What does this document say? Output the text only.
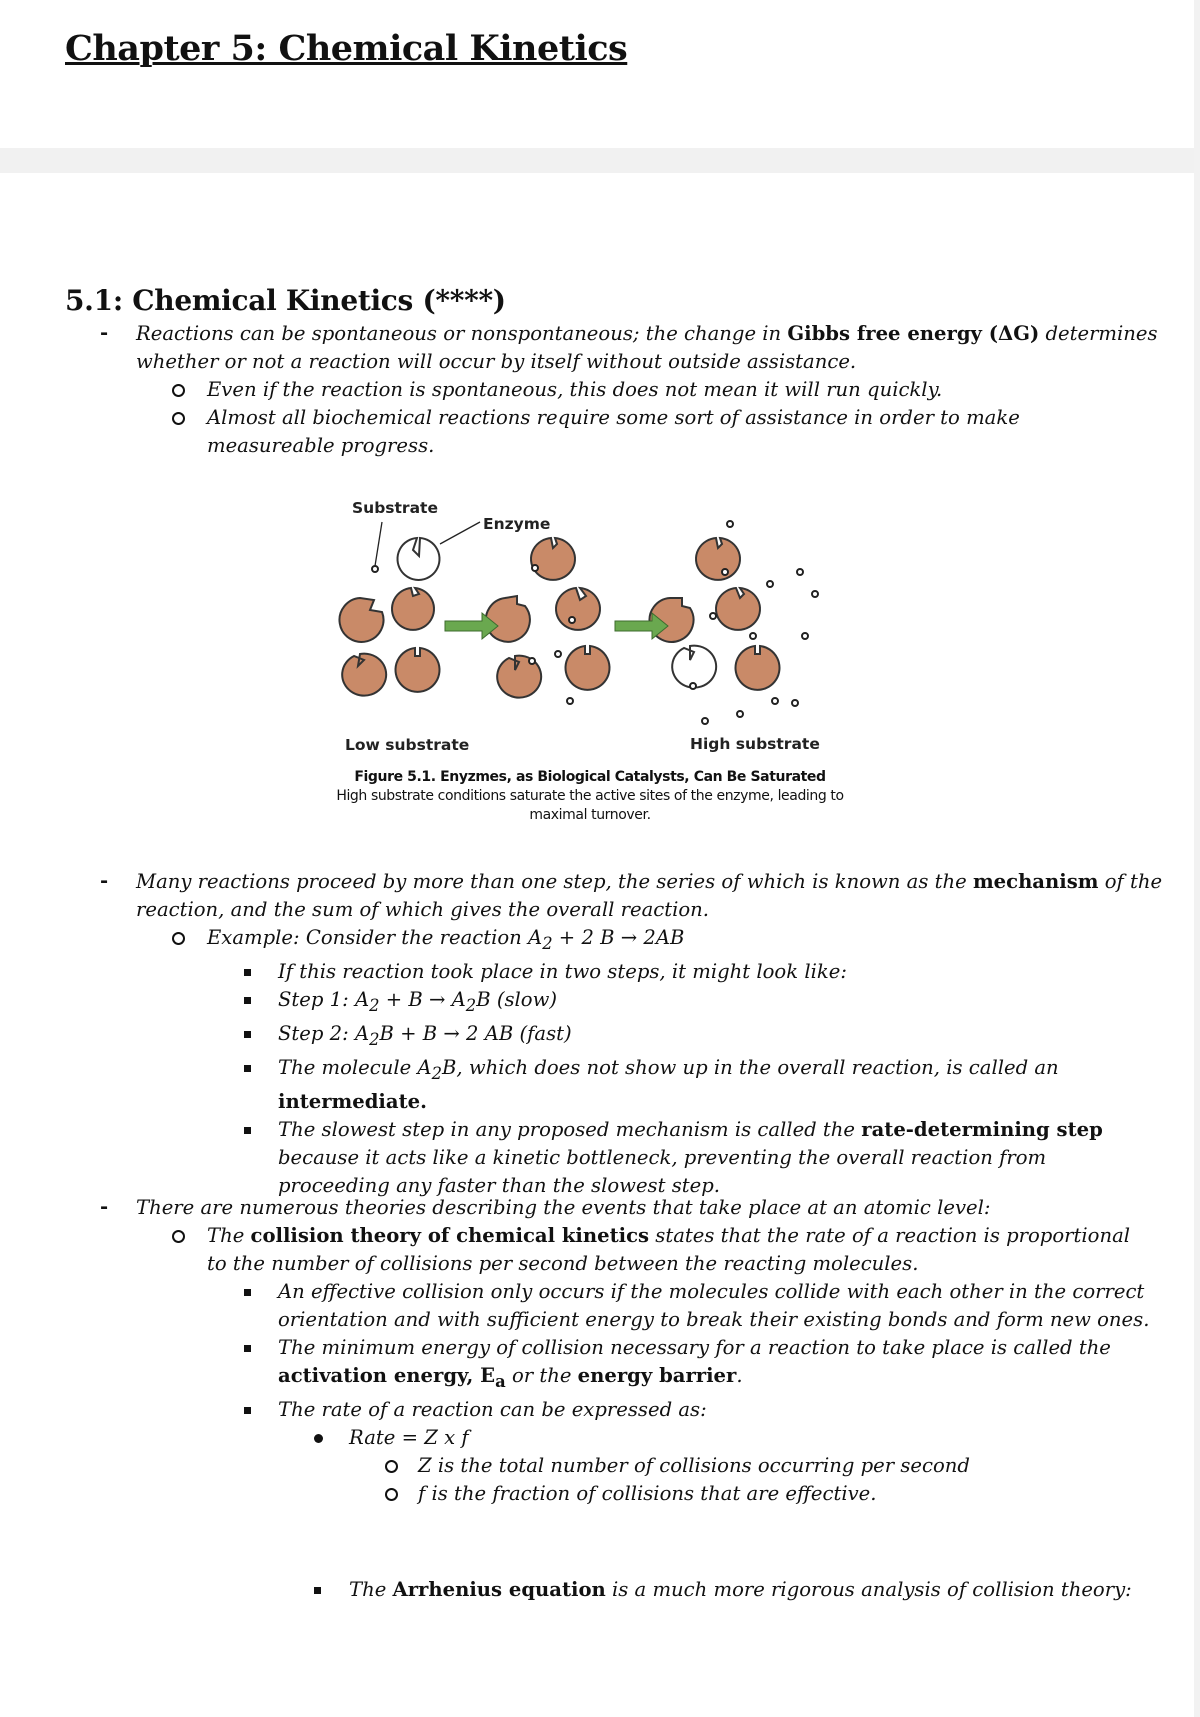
Chapter 5: Chemical Kinetics
5.1: Chemical Kinetics (****)
- Reactions can be spontaneous or nonspontaneous; the change in Gibbs free energy (ΔG) determines
whether or not a reaction will occur by itself without outside assistance.
Even if the reaction is spontaneous, this does not mean it will run quickly.
Almost all biochemical reactions require some sort of assistance in order to make
measureable progress.
Substrate
Enzyme
Low substrate	High substrate
Figure 5.1. Enyzmes, as Biological Catalysts, Can Be Saturated
High substrate conditions saturate the active sites of the enzyme, leading to
maximal turnover.
- Many reactions proceed by more than one step, the series of which is known as the mechanism of the
reaction, and the sum of which gives the overall reaction.
Example: Consider the reaction $A_2 + 2$ B → 2AB
If this reaction took place in two steps, it might look like:
Step 1: $A_2 + B \to A_2B$ (slow)
Step 2: $A_2B + B \to 2$ AB (fast)
The molecule $A_2B$, which does not show up in the overall reaction, is called an
intermediate.
The slowest step in any proposed mechanism is called the rate-determining step
because it acts like a kinetic bottleneck, preventing the overall reaction from
proceeding any faster than the slowest step.
- There are numerous theories describing the events that take place at an atomic level:
The collision theory of chemical kinetics states that the rate of a reaction is proportional
to the number of collisions per second between the reacting molecules.
An effective collision only occurs if the molecules collide with each other in the correct
orientation and with sufficient energy to break their existing bonds and form new ones.
The minimum energy of collision necessary for a reaction to take place is called the
activation energy, $E_a$ or the energy barrier.
The rate of a reaction can be expressed as:
Rate = Z x f
Z is the total number of collisions occurring per second
f is the fraction of collisions that are effective.
The Arrhenius equation is a much more rigorous analysis of collision theory:
